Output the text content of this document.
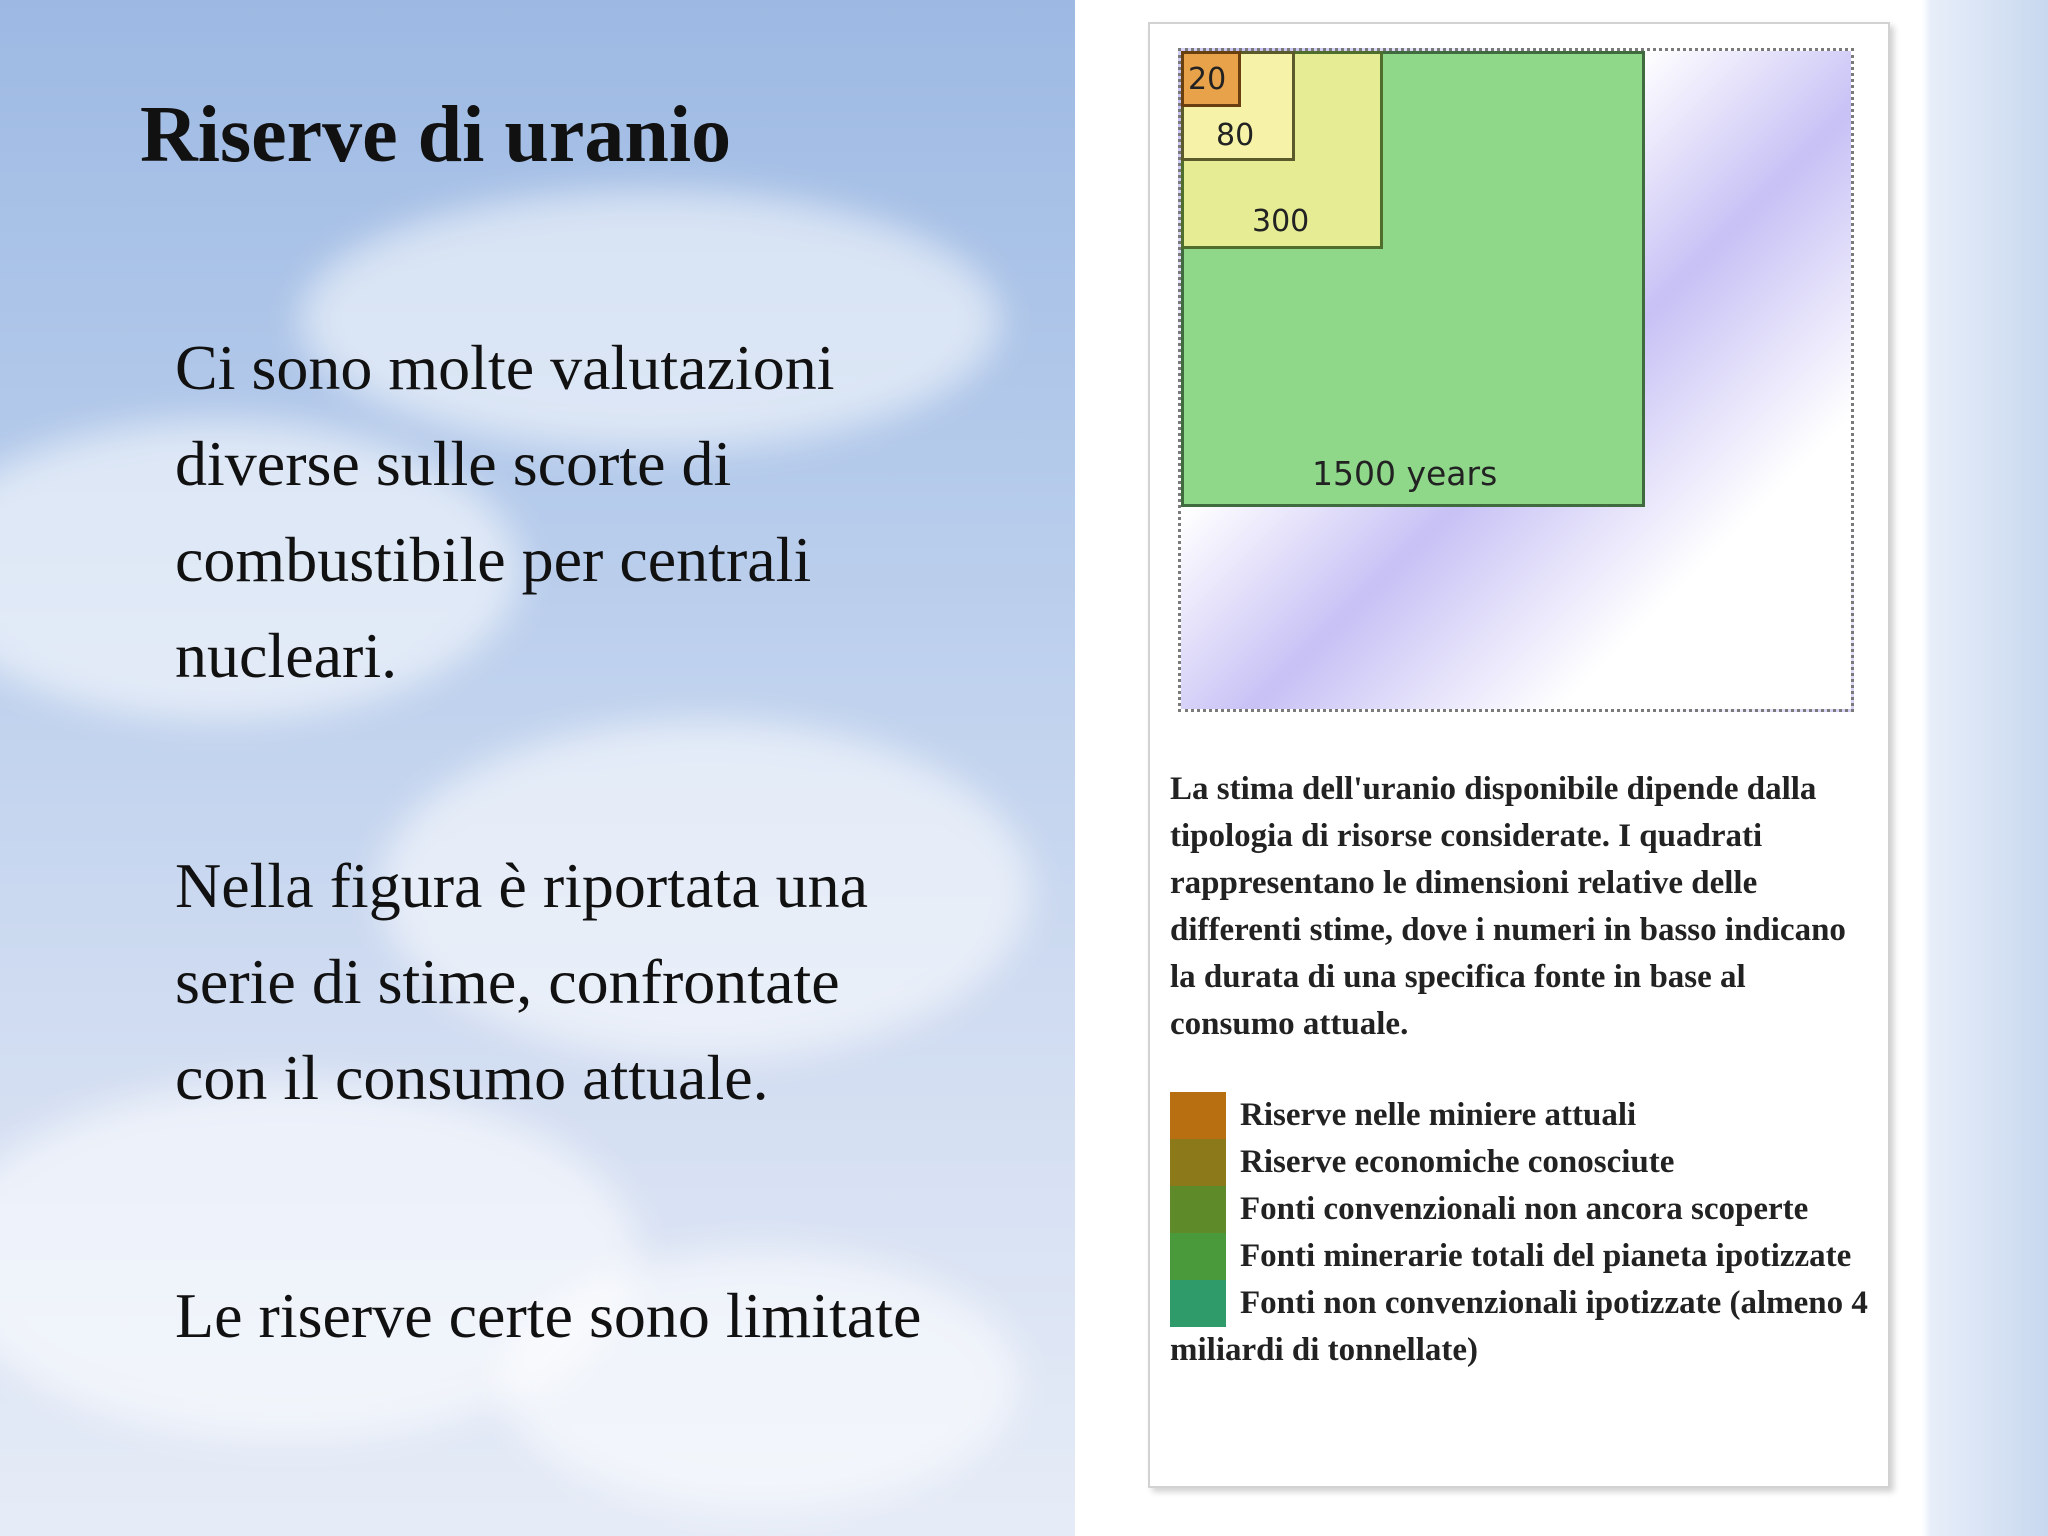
Riserve di uranio

Ci sono molte valutazioni diverse sulle scorte di combustibile per centrali nucleari.

Nella figura è riportata una serie di stime, confrontate con il consumo attuale.

Le riserve certe sono limitate

1500 years
300
80
20

La stima dell'uranio disponibile dipende dalla tipologia di risorse considerate. I quadrati rappresentano le dimensioni relative delle differenti stime, dove i numeri in basso indicano la durata di una specifica fonte in base al consumo attuale.

Riserve nelle miniere attuali
Riserve economiche conosciute
Fonti convenzionali non ancora scoperte
Fonti minerarie totali del pianeta ipotizzate
Fonti non convenzionali ipotizzate (almeno 4 miliardi di tonnellate)
